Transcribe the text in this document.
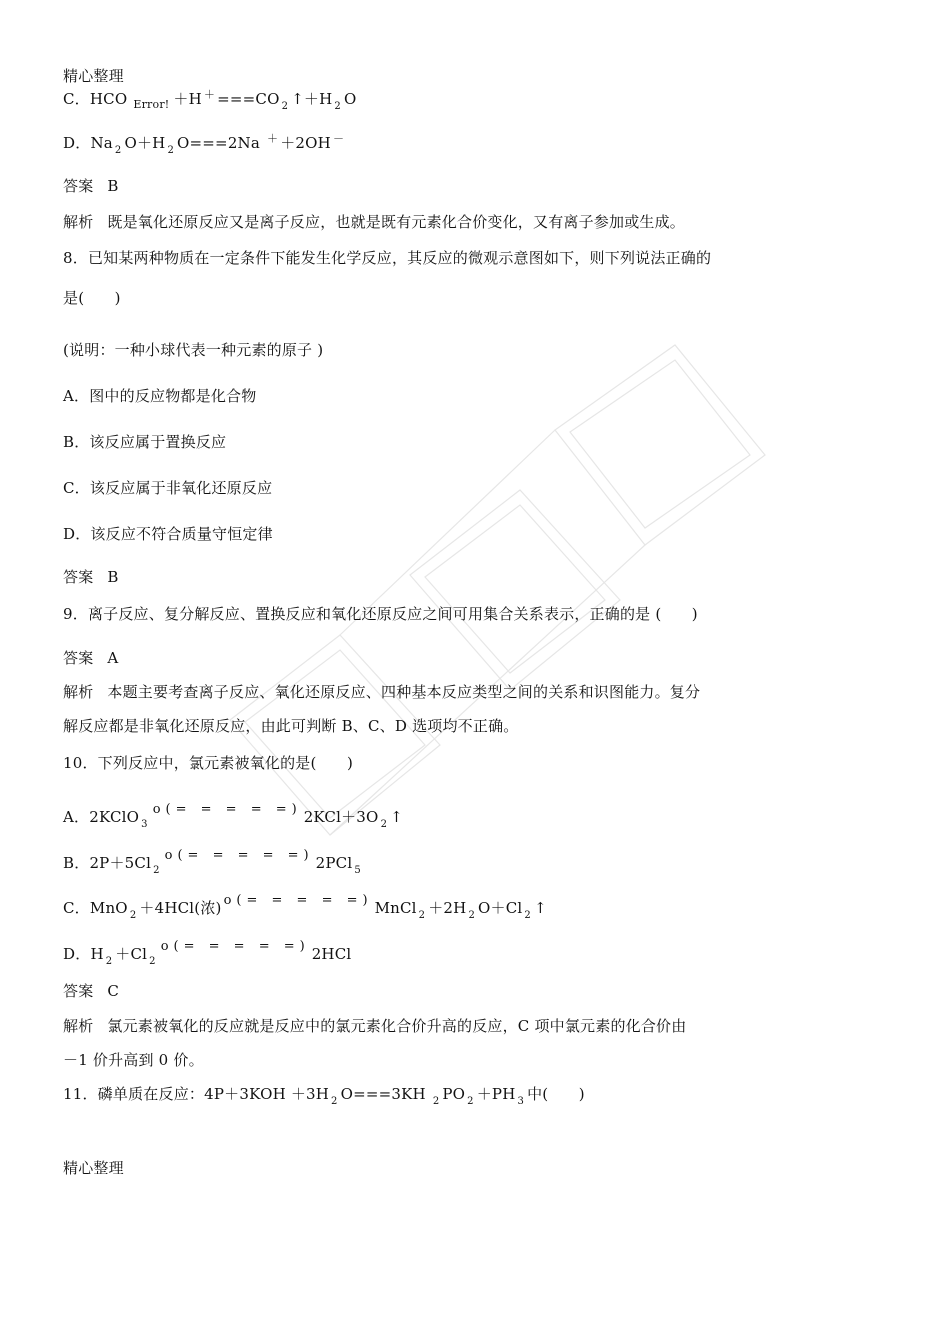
精心整理
C．HCO $_{Error!}$ ＋H ＋ ===CO $_2$ ↑＋H $_2$ O
D．Na $_2$ O＋H $_2$ O===2Na ＋ ＋2OH －
答案 B
解析 既是氧化还原反应又是离子反应，也就是既有元素化合价变化，又有离子参加或生成。
8．已知某两种物质在一定条件下能发生化学反应，其反应的微观示意图如下，则下列说法正确的
是(　　)
(说明：一种小球代表一种元素的原子 )
A．图中的反应物都是化合物
B．该反应属于置换反应
C．该反应属于非氧化还原反应
D．该反应不符合质量守恒定律
答案 B
9．离子反应、复分解反应、置换反应和氧化还原反应之间可用集合关系表示，正确的是 (　　)
答案 A
解析 本题主要考查离子反应、氧化还原反应、四种基本反应类型之间的关系和识图能力。复分
解反应都是非氧化还原反应，由此可判断 B、C、D 选项均不正确。
10．下列反应中，氯元素被氧化的是(　　)
A．2KClO $_3$o(= = = = =) 2KCl＋3O $_2$ ↑
B．2P＋5Cl $_2$o(= = = = =) 2PCl $_5$
C．MnO $_2$ ＋4HCl(浓) o(= = = = =) MnCl $_2$ ＋2H $_2$ O＋Cl $_2$ ↑
D．H $_2$ ＋Cl $_2$o(= = = = =) 2HCl
答案 C
解析 氯元素被氧化的反应就是反应中的氯元素化合价升高的反应，C 项中氯元素的化合价由
－1 价升高到 0 价。
11．磷单质在反应：4P＋3KOH ＋3H $_2$ O===3KH $_2$ PO $_2$ ＋PH $_3$ 中(　　)
精心整理
